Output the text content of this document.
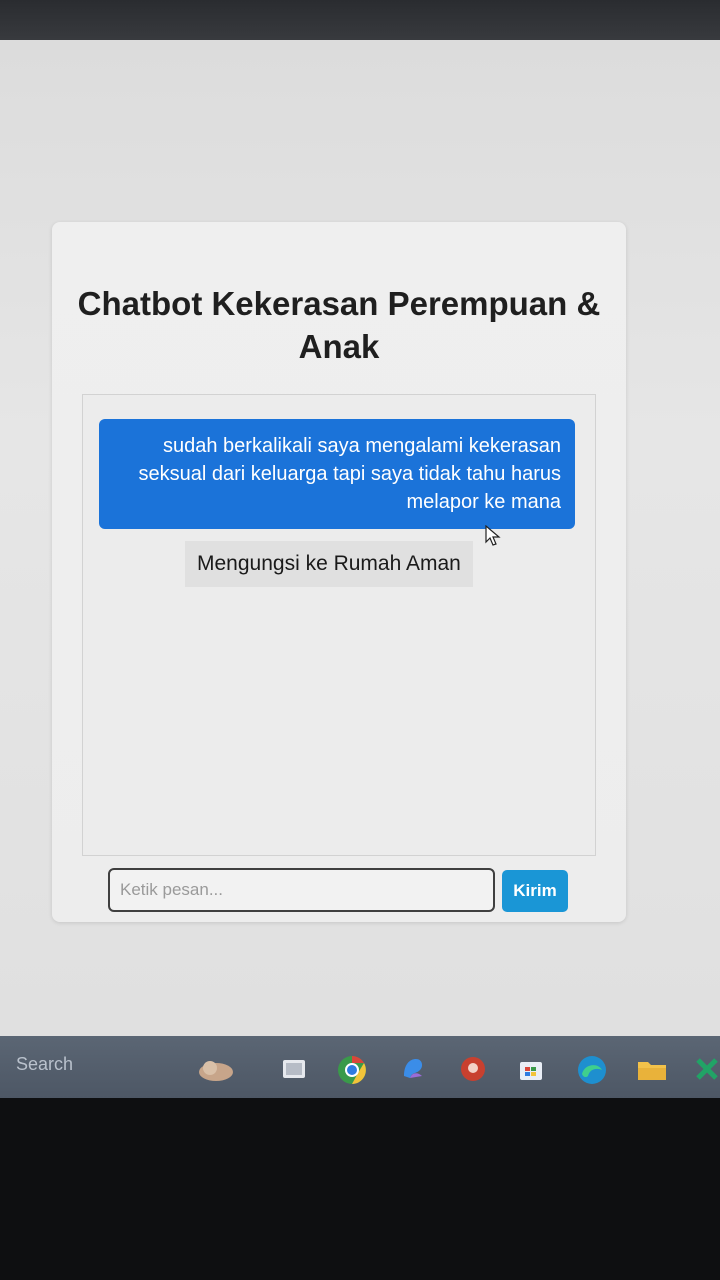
Chatbot Kekerasan Perempuan & Anak
sudah berkalikali saya mengalami kekerasan seksual dari keluarga tapi saya tidak tahu harus melapor ke mana
Mengungsi ke Rumah Aman
Ketik pesan...
Kirim
Search
